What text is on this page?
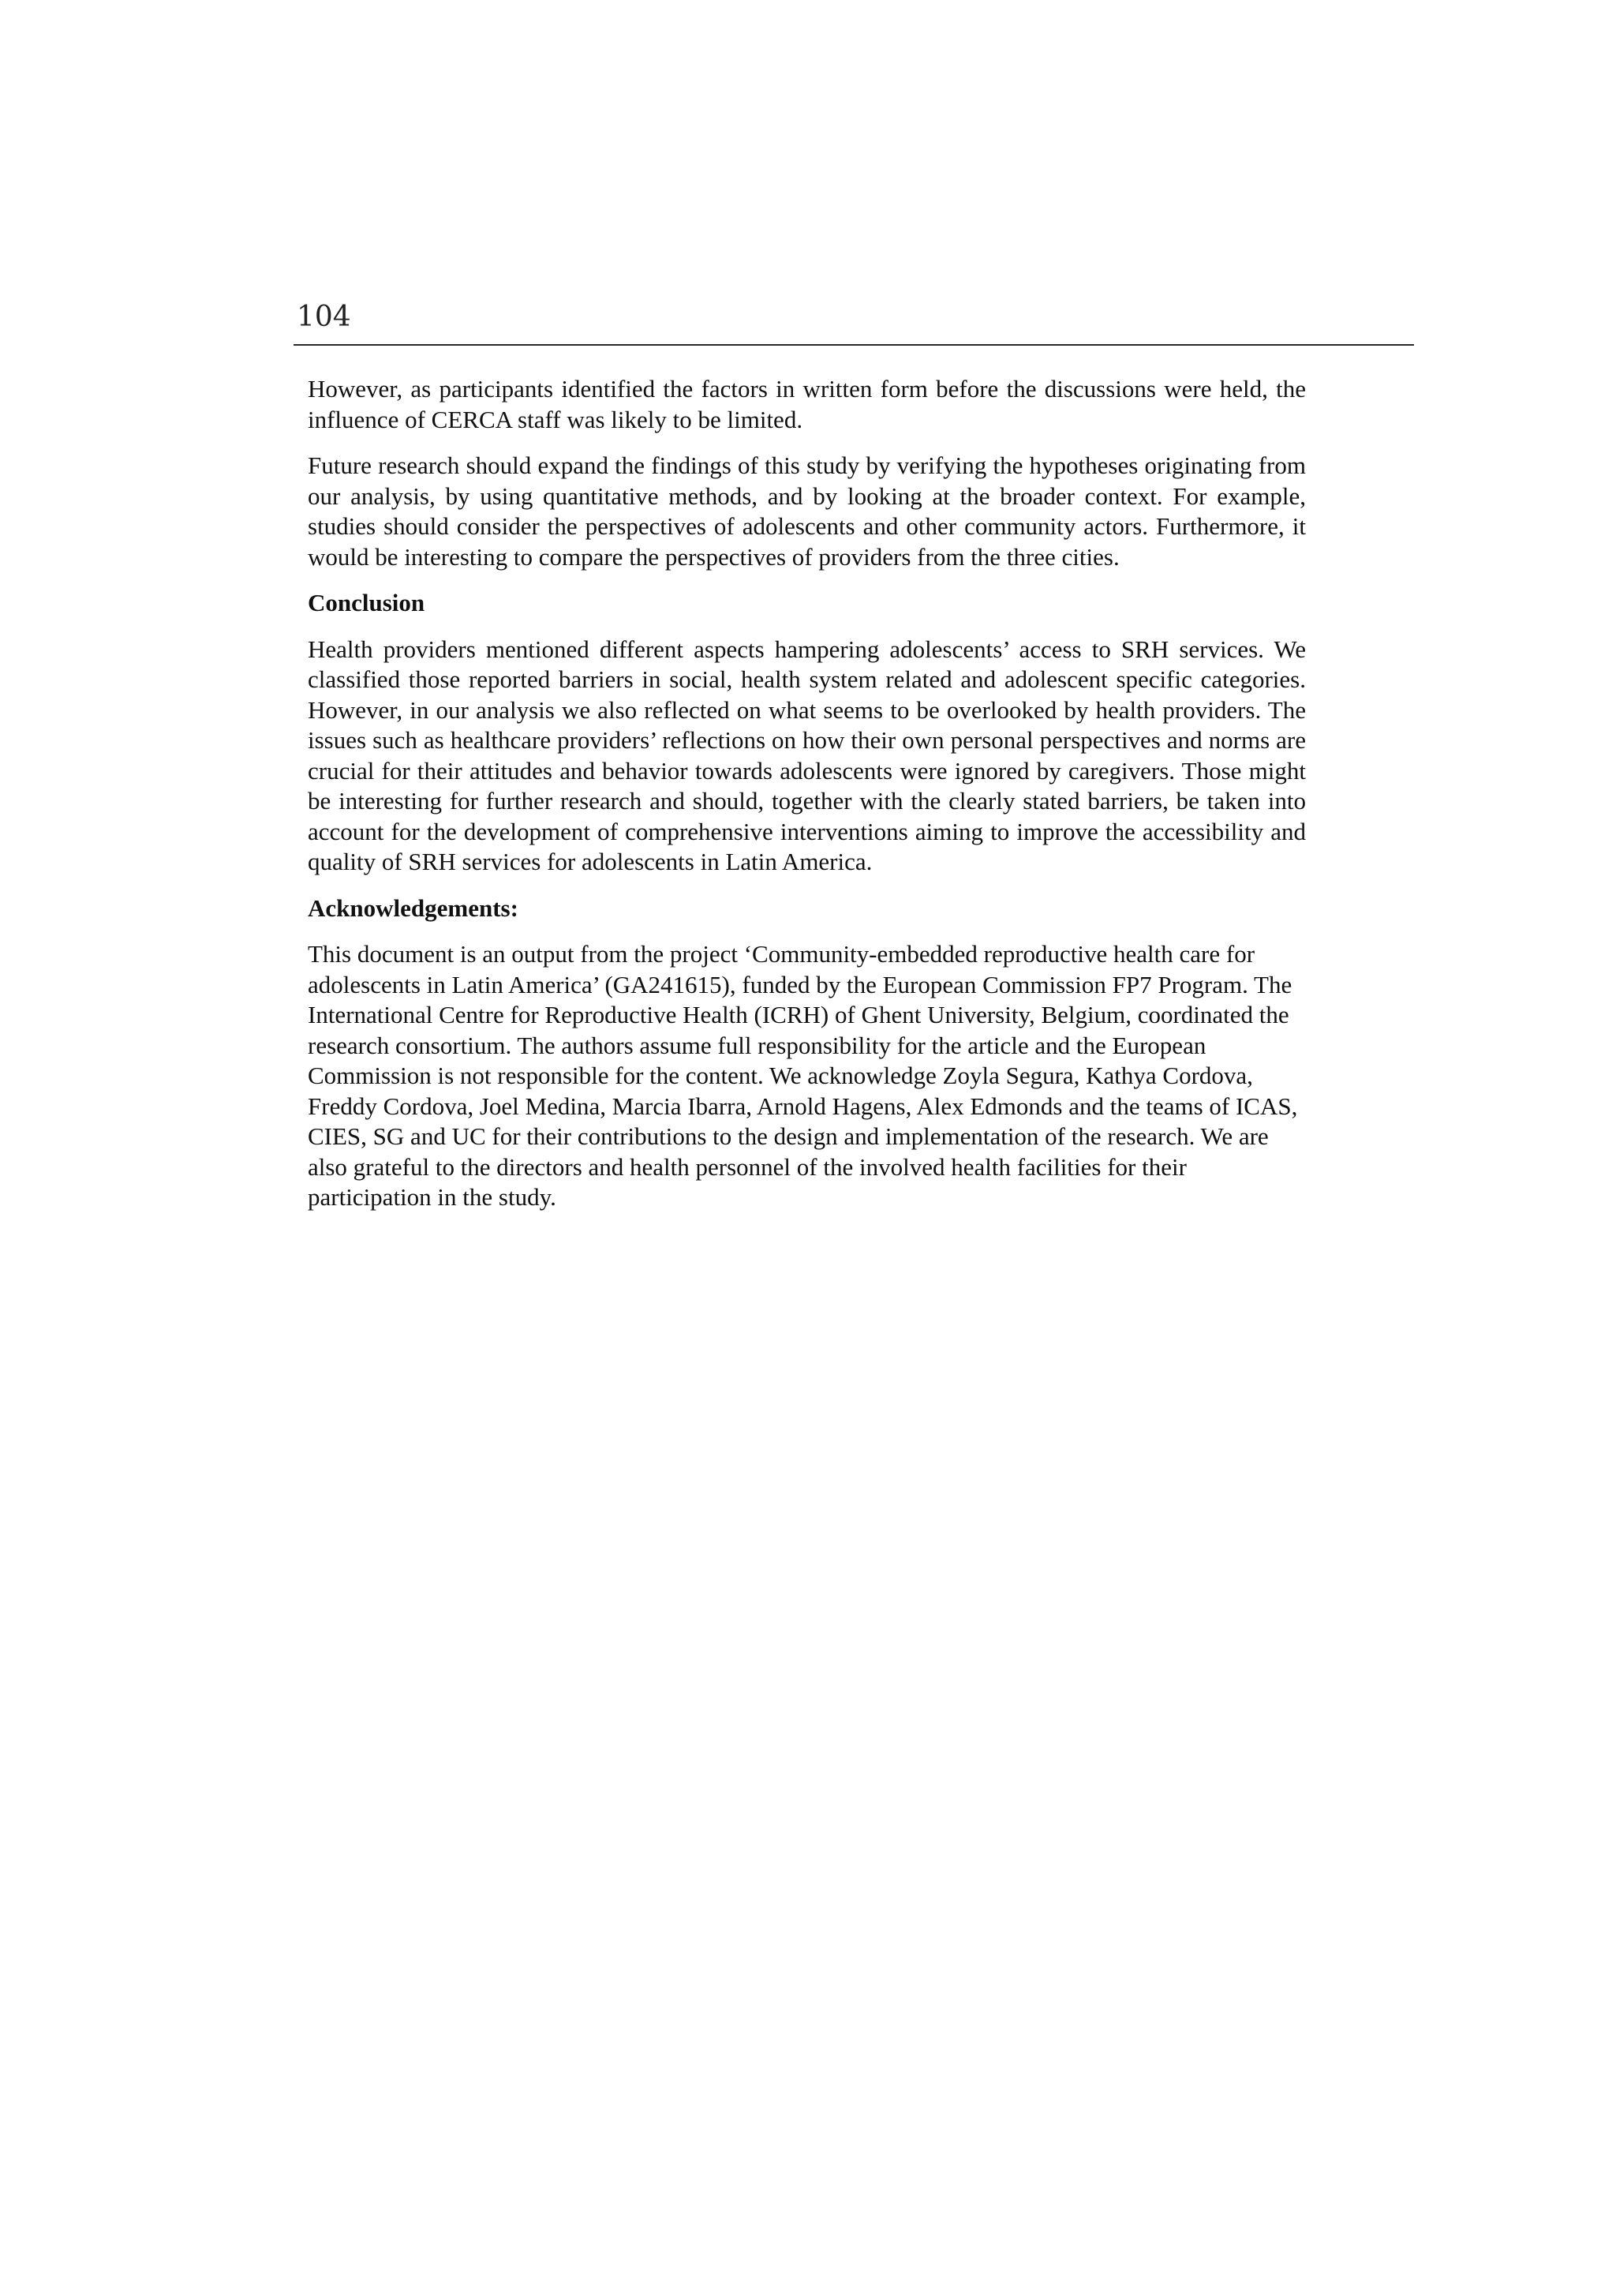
104

However, as participants identified the factors in written form before the discussions were held, the influence of CERCA staff was likely to be limited.

Future research should expand the findings of this study by verifying the hypotheses originating from our analysis, by using quantitative methods, and by looking at the broader context. For example, studies should consider the perspectives of adolescents and other community actors. Furthermore, it would be interesting to compare the perspectives of providers from the three cities.

Conclusion

Health providers mentioned different aspects hampering adolescents’ access to SRH services. We classified those reported barriers in social, health system related and adolescent specific categories. However, in our analysis we also reflected on what seems to be overlooked by health providers. The issues such as healthcare providers’ reflections on how their own personal perspectives and norms are crucial for their attitudes and behavior towards adolescents were ignored by caregivers. Those might be interesting for further research and should, together with the clearly stated barriers, be taken into account for the development of comprehensive interventions aiming to improve the accessibility and quality of SRH services for adolescents in Latin America.

Acknowledgements:

This document is an output from the project ‘Community-embedded reproductive health care for adolescents in Latin America’ (GA241615), funded by the European Commission FP7 Program. The International Centre for Reproductive Health (ICRH) of Ghent University, Belgium, coordinated the research consortium. The authors assume full responsibility for the article and the European Commission is not responsible for the content. We acknowledge Zoyla Segura, Kathya Cordova, Freddy Cordova, Joel Medina, Marcia Ibarra, Arnold Hagens, Alex Edmonds and the teams of ICAS, CIES, SG and UC for their contributions to the design and implementation of the research. We are also grateful to the directors and health personnel of the involved health facilities for their participation in the study.
